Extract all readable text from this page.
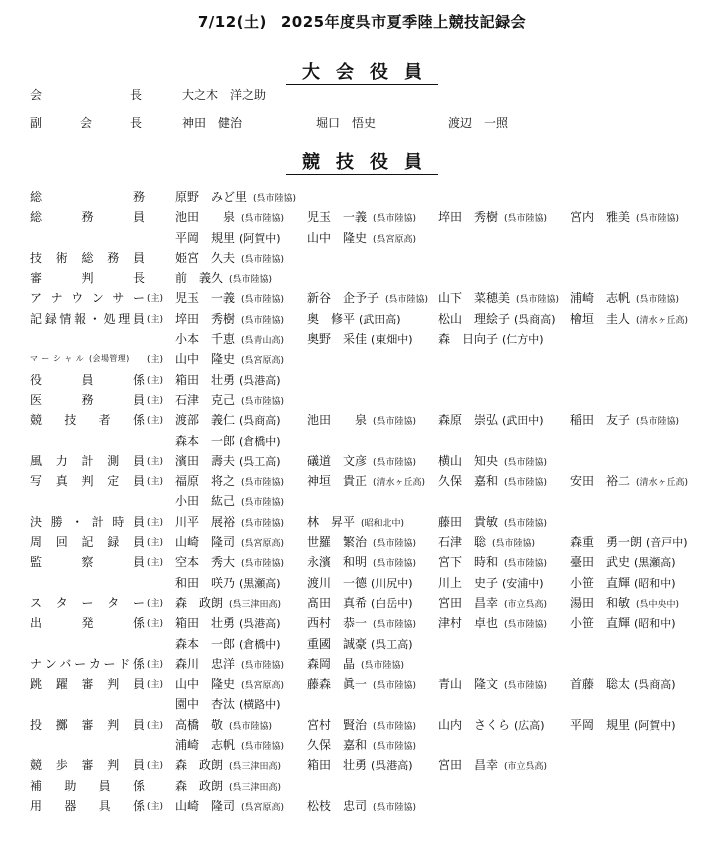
7/12(土) 2025年度呉市夏季陸上競技記録会
大会役員
会	長	大之木　洋之助
副	会	長	神田　健治	堀口　悟史	渡辺　一照
競技役員
総	務	原野　みど里 (呉市陸協)
総	務	員	池田　　泉 (呉市陸協) 児玉　一義 (呉市陸協) 埣田　秀樹 (呉市陸協) 宮内　雅美 (呉市陸協)
平岡　規里 (阿賀中) 山中　隆史 (呉宮原高)
技 術 総 務 員	姫宮　久夫 (呉市陸協)
審	判	長	前　義久 (呉市陸協)
ア ナ ウ ン サ ー (主) 児玉　一義 (呉市陸協) 新谷　企予子 (呉市陸協) 山下　菜穂美 (呉市陸協) 浦崎　志帆 (呉市陸協)
記 録 情 報 ・ 処 理 員 (主) 埣田　秀樹 (呉市陸協) 奥　修平 (武田高)	松山　理絵子 (呉商高) 檜垣　圭人 (清水ヶ丘高)
小本　千恵 (呉青山高) 奥野　采佳 (東畑中) 森　日向子 (仁方中)
マ ー シ ャ ル (会場管理) (主) 山中　隆史 (呉宮原高)
役	員	係 (主) 箱田　壮勇 (呉港高)
医	務	員 (主) 石津　克己 (呉市陸協)
競 技 者 係 (主) 渡部　義仁 (呉商高) 池田　　泉 (呉市陸協) 森原　崇弘 (武田中) 稲田　友子 (呉市陸協)
森本　一郎 (倉橋中)
風 力 計 測 員 (主) 濱田　壽夫 (呉工高) 礒道　文彦 (呉市陸協) 横山　知央 (呉市陸協)
写 真 判 定 員 (主) 福原　将之 (呉市陸協) 神垣　貴正 (清水ヶ丘高) 久保　嘉和 (呉市陸協) 安田　裕二 (清水ヶ丘高)
小田　紘己 (呉市陸協)
決 勝 ・ 計 時 員 (主) 川平　展裕 (呉市陸協) 林　昇平 (昭和北中)	藤田　貴敏 (呉市陸協)
周 回 記 録 員 (主) 山崎　隆司 (呉宮原高) 世羅　繁治 (呉市陸協) 石津　聡 (呉市陸協)	森重　勇一朗 (音戸中)
監	察	員 (主) 空本　秀大 (呉市陸協) 永濱　和明 (呉市陸協) 宮下　時和 (呉市陸協) 臺田　武史 (黒瀬高)
和田　咲乃 (黒瀬高) 渡川　一德 (川尻中) 川上　史子 (安浦中) 小笹　直輝 (昭和中)
ス タ ー タ ー (主) 森　政朗 (呉三津田高) 髙田　真希 (白岳中) 宮田　昌幸 (市立呉高) 湯田　和敏 (呉中央中)
出	発	係 (主) 箱田　壮勇 (呉港高) 西村　恭一 (呉市陸協) 津村　卓也 (呉市陸協) 小笹　直輝 (昭和中)
森本　一郎 (倉橋中) 重國　誠豪 (呉工高)
ナ ン バ ー カ ー ド 係 (主) 森川　忠洋 (呉市陸協) 森岡　晶 (呉市陸協)
跳 躍 審 判 員 (主) 山中　隆史 (呉宮原高) 藤森　眞一 (呉市陸協) 青山　隆文 (呉市陸協) 首藤　聡太 (呉商高)
園中　杏汰 (横路中)
投 擲 審 判 員 (主) 高橋　敬 (呉市陸協)	宮村　賢治 (呉市陸協) 山内　さくら (広高) 平岡　規里 (阿賀中)
浦崎　志帆 (呉市陸協) 久保　嘉和 (呉市陸協)
競 歩 審 判 員 (主) 森　政朗 (呉三津田高) 箱田　壮勇 (呉港高) 宮田　昌幸 (市立呉高)
補 助 員 係	森　政朗 (呉三津田高)
用 器 具 係 (主) 山崎　隆司 (呉宮原高) 松枝　忠司 (呉市陸協)
